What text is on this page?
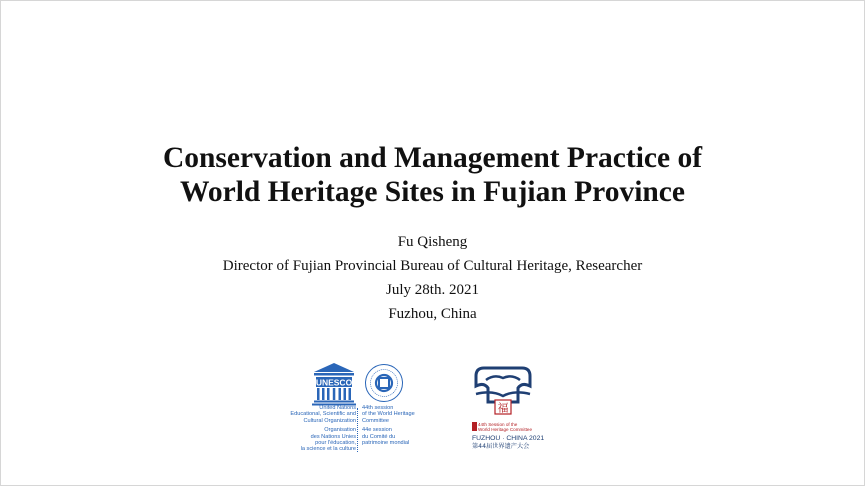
Conservation and Management Practice of
World Heritage Sites in Fujian Province
Fu Qisheng
Director of Fujian Provincial Bureau of Cultural Heritage, Researcher
July 28th. 2021
Fuzhou, China
UNESCO
United Nations
Educational, Scientific and
Cultural Organization
Organisation
des Nations Unies
pour l'éducation,
la science et la culture
44th session
of the World Heritage
Committee
44e session
du Comité du
patrimoine mondial
福
44th Session of the
World Heritage Committee
FUZHOU · CHINA 2021
第44届世界遗产大会
